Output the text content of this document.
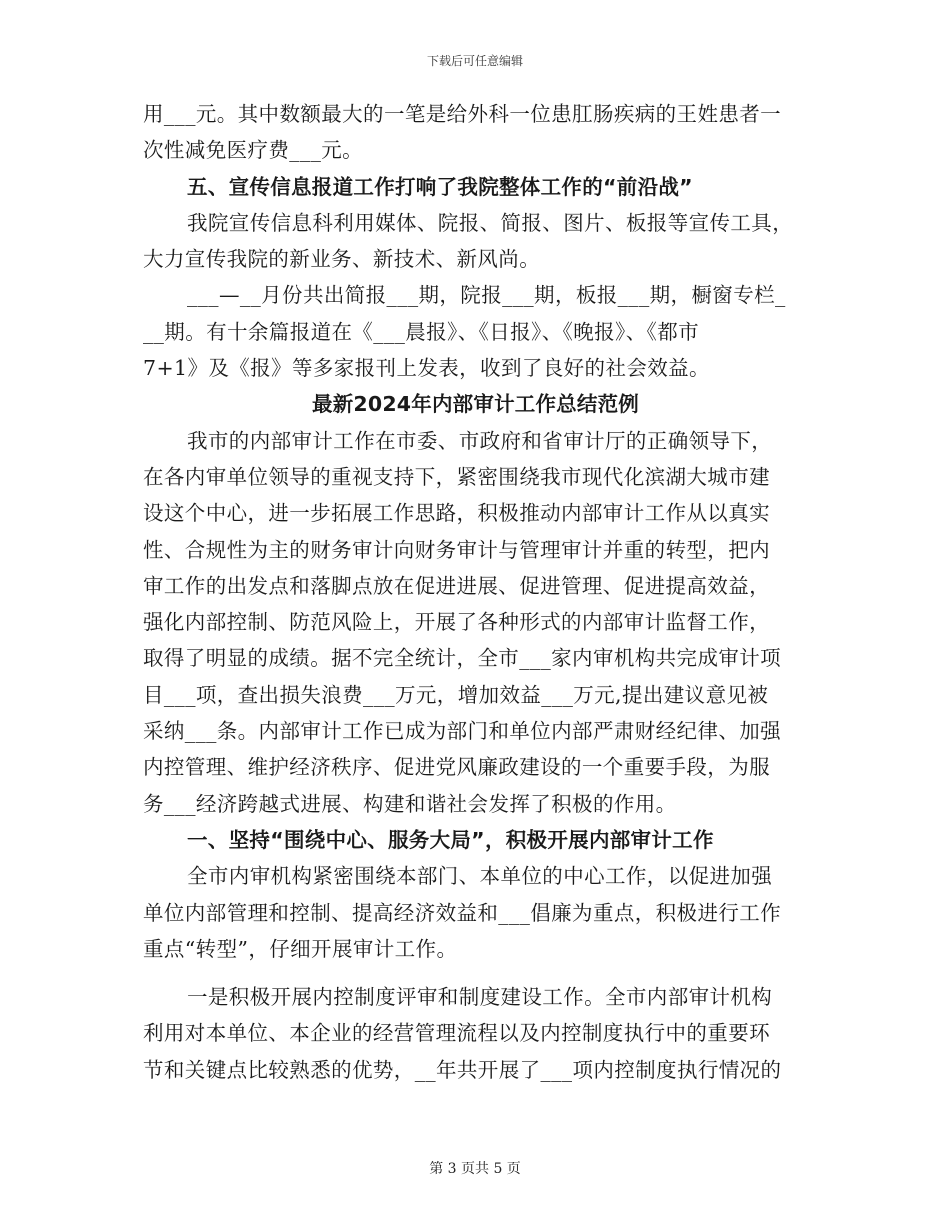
下载后可任意编辑
用___元。其中数额最大的一笔是给外科一位患肛肠疾病的王姓患者一
次性减免医疗费___元。
五、宣传信息报道工作打响了我院整体工作的“前沿战”
我院宣传信息科利用媒体、院报、简报、图片、板报等宣传工具，
大力宣传我院的新业务、新技术、新风尚。
___—__月份共出简报___期，院报___期，板报___期，橱窗专栏_
__期。有十余篇报道在《___晨报》、《日报》、《晚报》、《都市
7+1》及《报》等多家报刊上发表，收到了良好的社会效益。
最新2024年内部审计工作总结范例
我市的内部审计工作在市委、市政府和省审计厅的正确领导下，
在各内审单位领导的重视支持下，紧密围绕我市现代化滨湖大城市建
设这个中心，进一步拓展工作思路，积极推动内部审计工作从以真实
性、合规性为主的财务审计向财务审计与管理审计并重的转型，把内
审工作的出发点和落脚点放在促进进展、促进管理、促进提高效益，
强化内部控制、防范风险上，开展了各种形式的内部审计监督工作，
取得了明显的成绩。据不完全统计，全市___家内审机构共完成审计项
目___项，查出损失浪费___万元，增加效益___万元,提出建议意见被
采纳___条。内部审计工作已成为部门和单位内部严肃财经纪律、加强
内控管理、维护经济秩序、促进党风廉政建设的一个重要手段，为服
务___经济跨越式进展、构建和谐社会发挥了积极的作用。
一、坚持“围绕中心、服务大局”，积极开展内部审计工作
全市内审机构紧密围绕本部门、本单位的中心工作，以促进加强
单位内部管理和控制、提高经济效益和___倡廉为重点，积极进行工作
重点“转型”，仔细开展审计工作。
一是积极开展内控制度评审和制度建设工作。全市内部审计机构
利用对本单位、本企业的经营管理流程以及内控制度执行中的重要环
节和关键点比较熟悉的优势，__年共开展了___项内控制度执行情况的
第 3 页共 5 页
